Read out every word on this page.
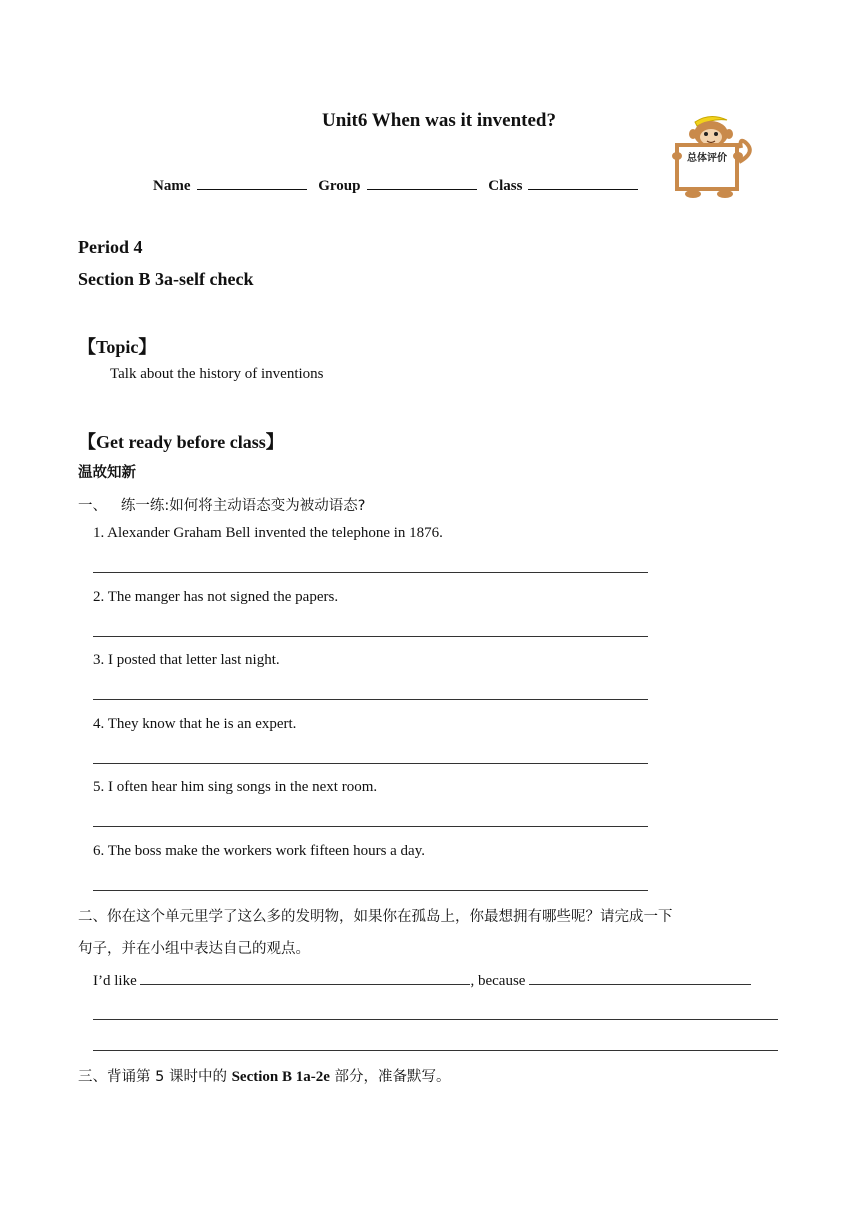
Unit6 When was it invented?
总体评价
Name	Group	Class
Period 4
Section B 3a-self check
【Topic】
Talk about the history of inventions
【Get ready before class】
温故知新
一、   练一练:如何将主动语态变为被动语态?
1. Alexander Graham Bell invented the telephone in 1876.
2. The manger has not signed the papers.
3. I posted that letter last night.
4. They know that he is an expert.
5. I often hear him sing songs in the next room.
6. The boss make the workers work fifteen hours a day.
二、你在这个单元里学了这么多的发明物，如果你在孤岛上，你最想拥有哪些呢？请完成一下
句子，并在小组中表达自己的观点。
I’d like	, because
三、背诵第 5 课时中的 Section B 1a-2e 部分，准备默写。
